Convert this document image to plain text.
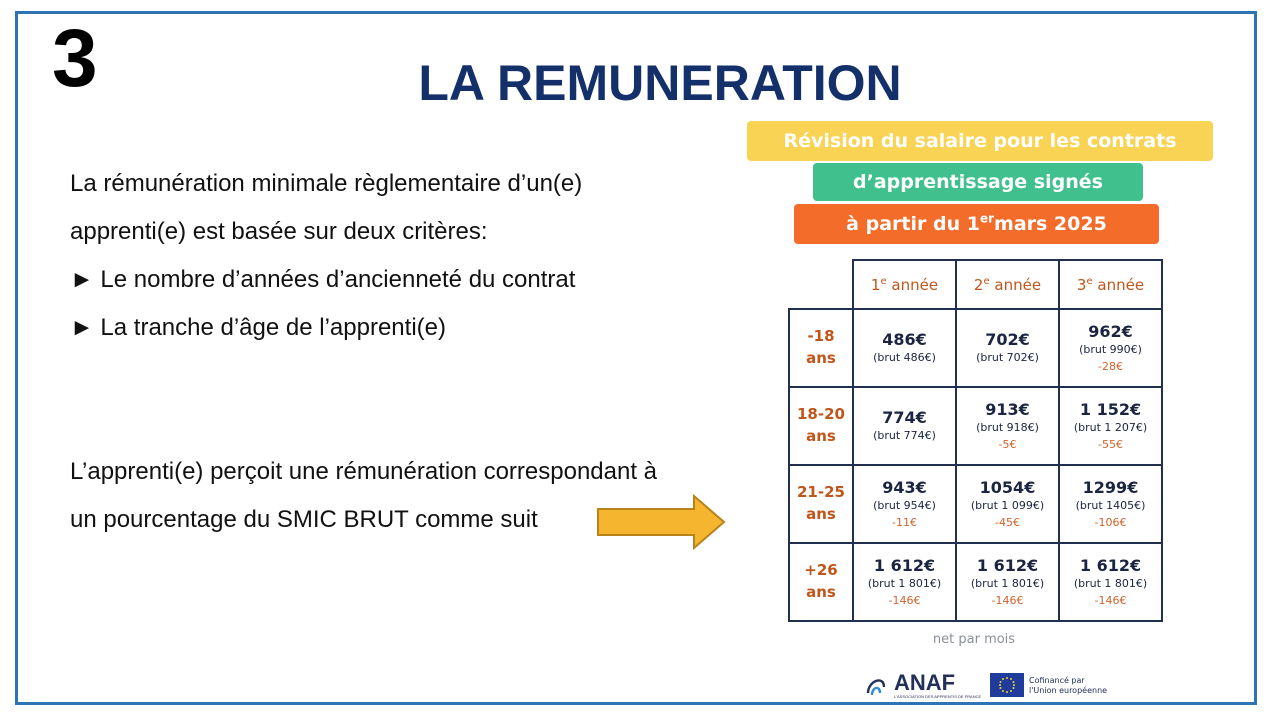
3	LA REMUNERATION
La rémunération minimale règlementaire d’un(e)
apprenti(e) est basée sur deux critères:
► Le nombre d’années d’ancienneté du contrat
► La tranche d’âge de l’apprenti(e)
L’apprenti(e) perçoit une rémunération correspondant à
un pourcentage du SMIC BRUT comme suit
Révision du salaire pour les contrats
d’apprentissage signés
à partir du 1ermars 2025
	1e année	2e année	3e année
-18
ans	486€
(brut 486€)	702€
(brut 702€)	962€
(brut 990€)
-28€

18-20
ans	774€
(brut 774€)	913€
(brut 918€)
-5€	1 152€
(brut 1 207€)
-55€

21-25
ans	943€
(brut 954€)
-11€	1054€
(brut 1 099€)
-45€	1299€
(brut 1405€)
-106€

+26
ans	1 612€
(brut 1 801€)
-146€	1 612€
(brut 1 801€)
-146€	1 612€
(brut 1 801€)
-146€
net par mois
ANAF
L'ASSOCIATION DES APPRENTIS DE FRANCE
Cofinancé par
l'Union européenne
